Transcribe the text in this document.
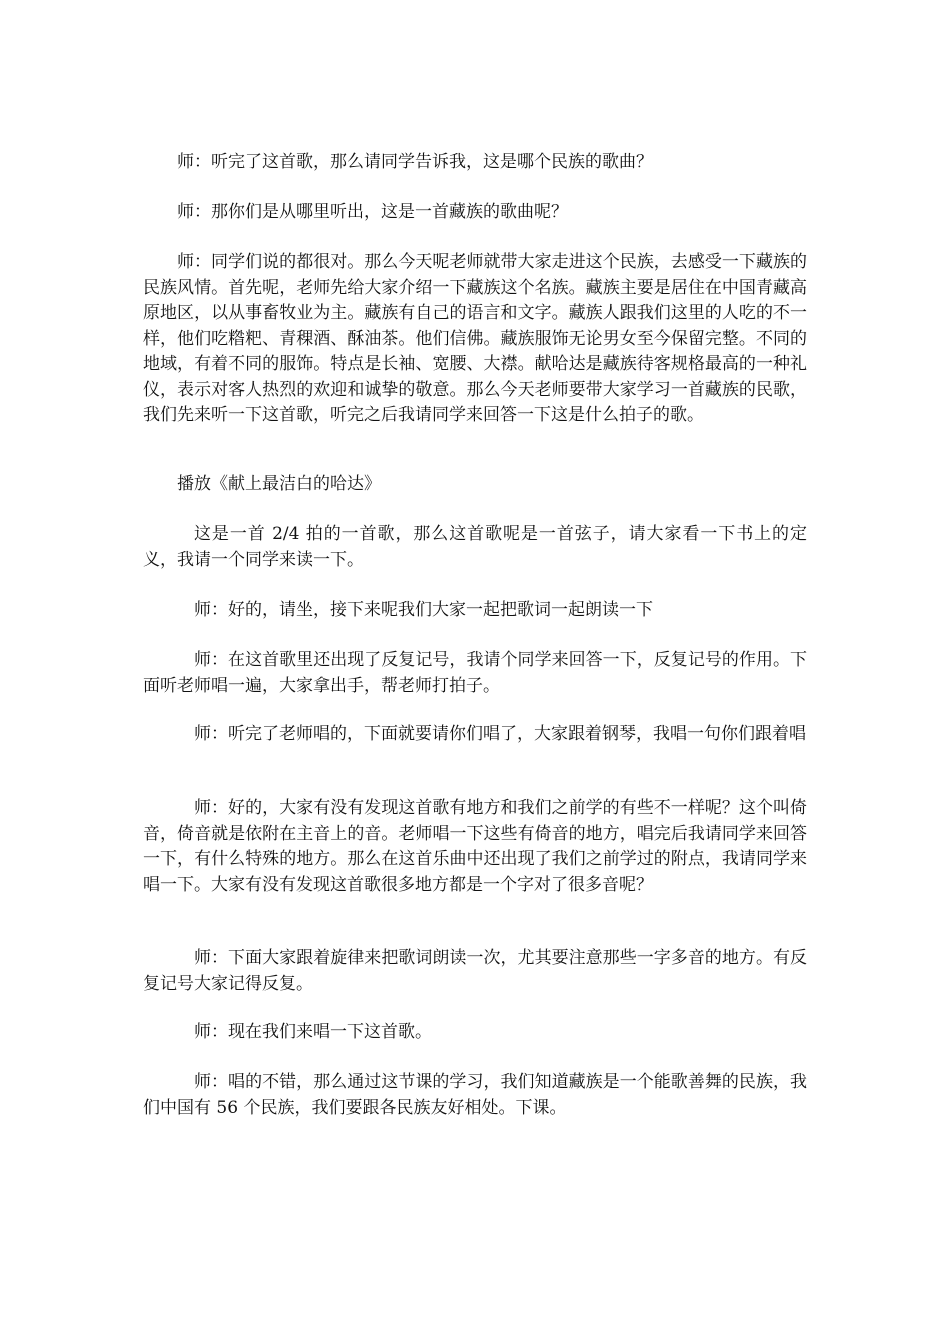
师：听完了这首歌，那么请同学告诉我，这是哪个民族的歌曲？

师：那你们是从哪里听出，这是一首藏族的歌曲呢？

师：同学们说的都很对。那么今天呢老师就带大家走进这个民族，去感受一下藏族的民族风情。首先呢，老师先给大家介绍一下藏族这个名族。藏族主要是居住在中国青藏高原地区，以从事畜牧业为主。藏族有自己的语言和文字。藏族人跟我们这里的人吃的不一样，他们吃糌粑、青稞酒、酥油茶。他们信佛。藏族服饰无论男女至今保留完整。不同的地域，有着不同的服饰。特点是长袖、宽腰、大襟。献哈达是藏族待客规格最高的一种礼仪，表示对客人热烈的欢迎和诚挚的敬意。那么今天老师要带大家学习一首藏族的民歌，我们先来听一下这首歌，听完之后我请同学来回答一下这是什么拍子的歌。

播放《献上最洁白的哈达》

这是一首 2/4 拍的一首歌，那么这首歌呢是一首弦子，请大家看一下书上的定义，我请一个同学来读一下。

师：好的，请坐，接下来呢我们大家一起把歌词一起朗读一下

师：在这首歌里还出现了反复记号，我请个同学来回答一下，反复记号的作用。下面听老师唱一遍，大家拿出手，帮老师打拍子。

师：听完了老师唱的，下面就要请你们唱了，大家跟着钢琴，我唱一句你们跟着唱

师：好的，大家有没有发现这首歌有地方和我们之前学的有些不一样呢？这个叫倚音，倚音就是依附在主音上的音。老师唱一下这些有倚音的地方，唱完后我请同学来回答一下，有什么特殊的地方。那么在这首乐曲中还出现了我们之前学过的附点，我请同学来唱一下。大家有没有发现这首歌很多地方都是一个字对了很多音呢？

师：下面大家跟着旋律来把歌词朗读一次，尤其要注意那些一字多音的地方。有反复记号大家记得反复。

师：现在我们来唱一下这首歌。

师：唱的不错，那么通过这节课的学习，我们知道藏族是一个能歌善舞的民族，我们中国有 56 个民族，我们要跟各民族友好相处。下课。
